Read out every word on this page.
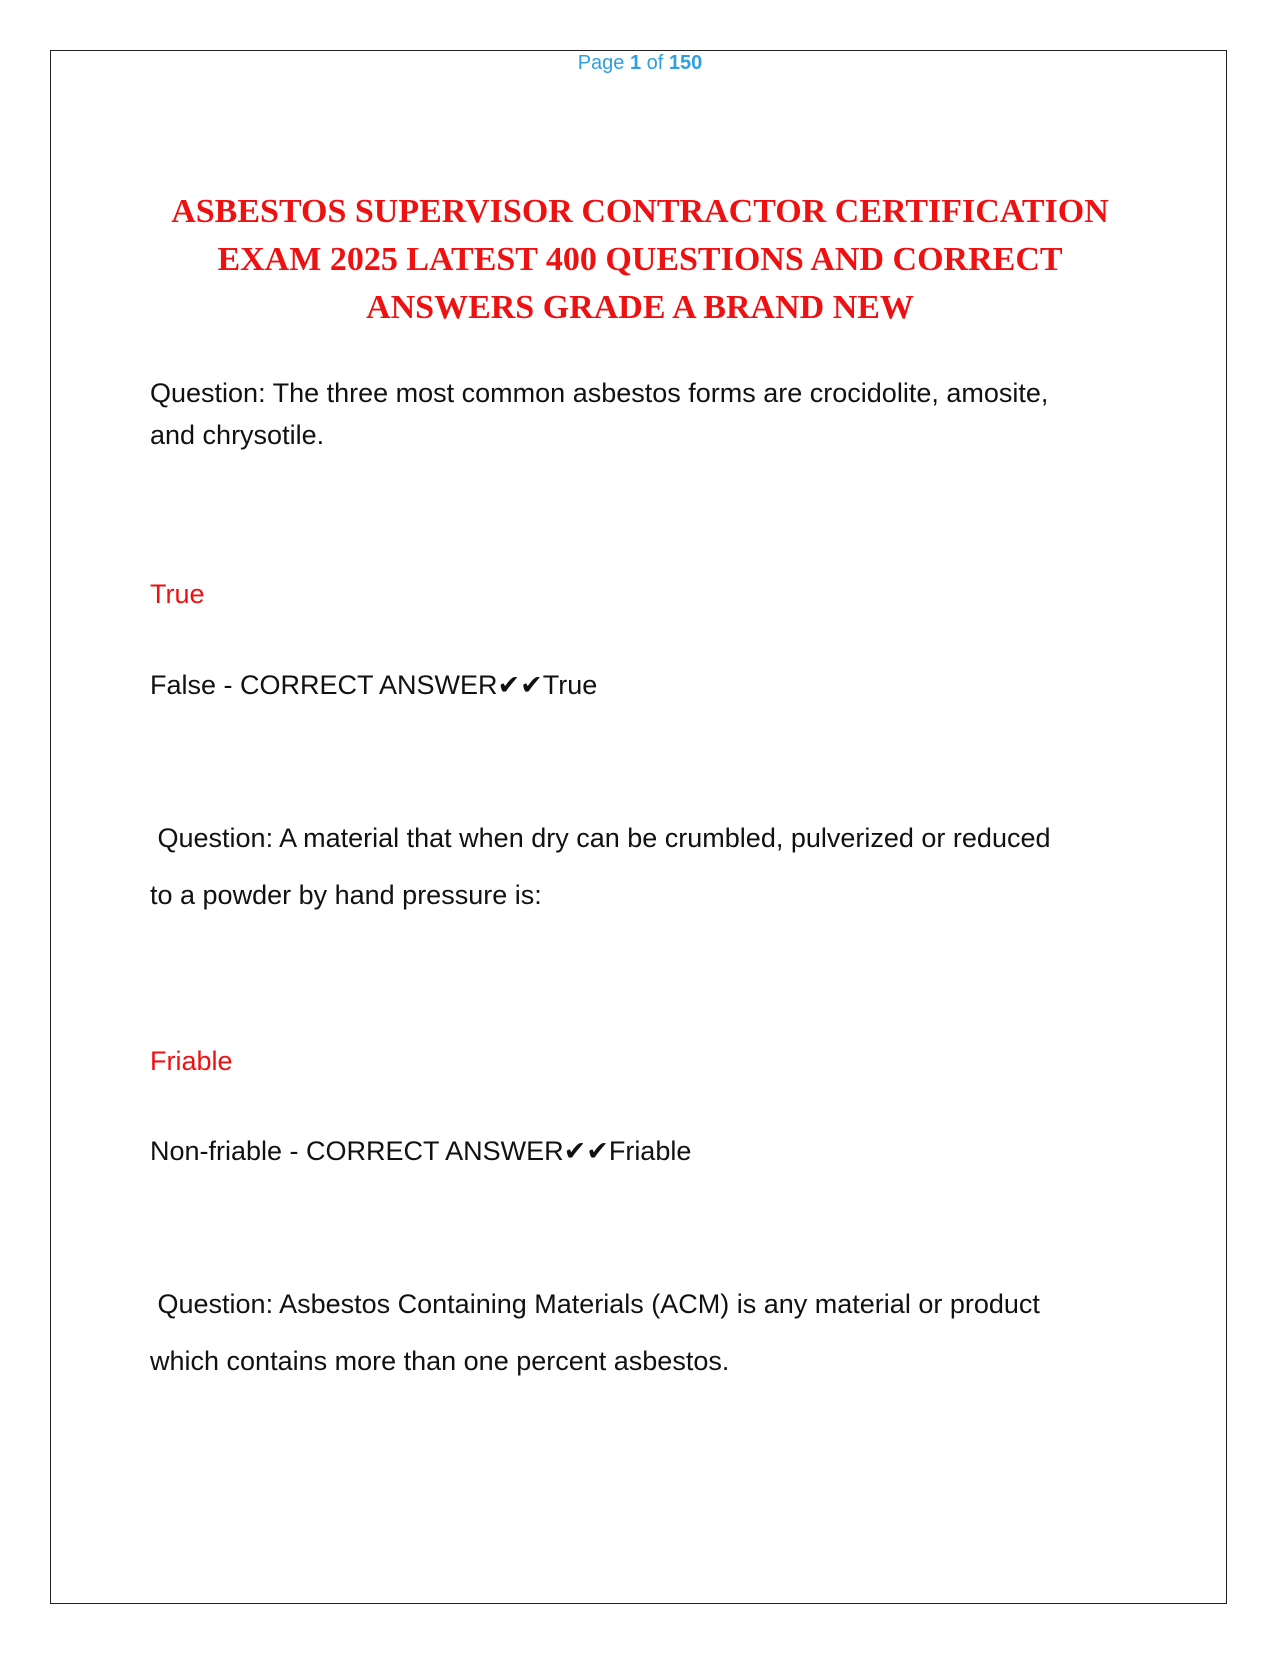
Page 1 of 150
ASBESTOS SUPERVISOR CONTRACTOR CERTIFICATION EXAM 2025 LATEST 400 QUESTIONS AND CORRECT ANSWERS GRADE A BRAND NEW

Question: The three most common asbestos forms are crocidolite, amosite,
and chrysotile.

True

False - CORRECT ANSWER✔✔True

Question: A material that when dry can be crumbled, pulverized or reduced
to a powder by hand pressure is:

Friable

Non-friable - CORRECT ANSWER✔✔Friable

Question: Asbestos Containing Materials (ACM) is any material or product
which contains more than one percent asbestos.
